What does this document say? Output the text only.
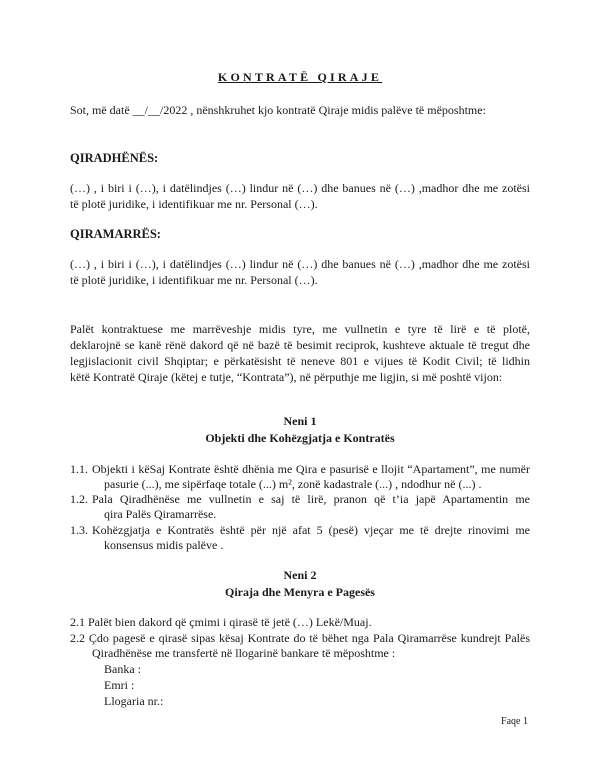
KONTRATË QIRAJE
Sot, më datë __/__/2022 , nënshkruhet kjo kontratë Qiraje midis palëve të mëposhtme:
QIRADHËNËS:
(…) , i biri i (…), i datëlindjes (…) lindur në (…) dhe banues në (…) ,madhor dhe me zotësi
të plotë juridike, i identifikuar me nr. Personal (…).
QIRAMARRËS:
(…) , i biri i (…), i datëlindjes (…) lindur në (…) dhe banues në (…) ,madhor dhe me zotësi
të plotë juridike, i identifikuar me nr. Personal (…).
Palët kontraktuese me marrëveshje midis tyre, me vullnetin e tyre të lirë e të plotë,
deklarojnë se kanë rënë dakord që në bazë të besimit reciprok, kushteve aktuale të tregut dhe
legjislacionit civil Shqiptar; e përkatësisht të neneve 801 e vijues të Kodit Civil; të lidhin
këtë Kontratë Qiraje (këtej e tutje, “Kontrata”), në përputhje me ligjin, si më poshtë vijon:
Neni 1
Objekti dhe Kohëzgjatja e Kontratës
1.1. Objekti i këSaj Kontrate është dhënia me Qira e pasurisë e llojit “Apartament”, me numër
pasurie (...), me sipërfaqe totale (...) m², zonë kadastrale (...) , ndodhur në (...) .
1.2. Pala Qiradhënëse me vullnetin e saj të lirë, pranon që t’ia japë Apartamentin me
qira Palës Qiramarrëse.
1.3. Kohëzgjatja e Kontratës është për një afat 5 (pesë) vjeçar me të drejte rinovimi me
konsensus midis palëve .
Neni 2
Qiraja dhe Menyra e Pagesës
2.1 Palët bien dakord që çmimi i qirasë të jetë (…) Lekë/Muaj.
2.2 Çdo pagesë e qirasë sipas kësaj Kontrate do të bëhet nga Pala Qiramarrëse kundrejt Palës
Qiradhënëse me transfertë në llogarinë bankare të mëposhtme :
Banka :
Emri :
Llogaria nr.:
Faqe 1
